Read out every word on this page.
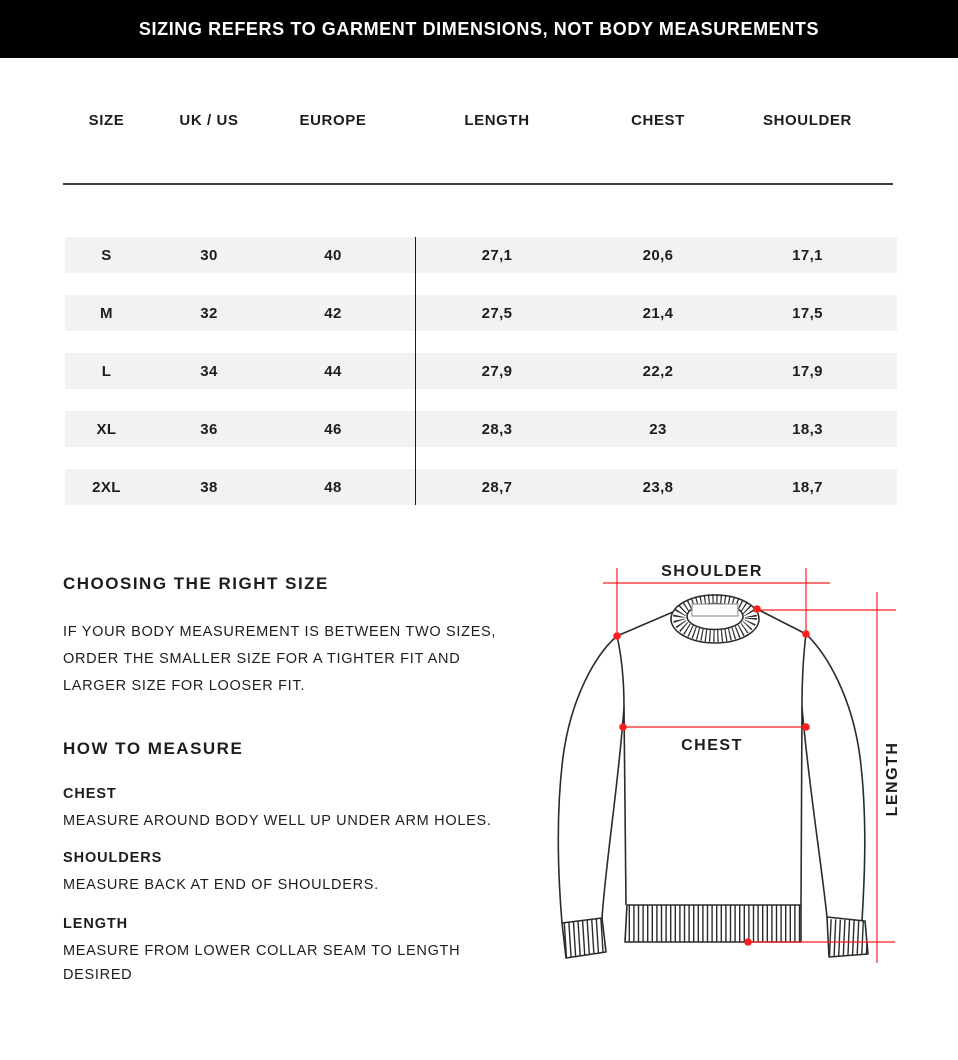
SIZING REFERS TO GARMENT DIMENSIONS, NOT BODY MEASUREMENTS
SIZE	UK / US	EUROPE	LENGTH	CHEST	SHOULDER
S	30	40	27,1	20,6	17,1
M	32	42	27,5	21,4	17,5
L	34	44	27,9	22,2	17,9
XL	36	46	28,3	23	18,3
2XL	38	48	28,7	23,8	18,7
CHOOSING THE RIGHT SIZE
IF YOUR BODY MEASUREMENT IS BETWEEN TWO SIZES,
ORDER THE SMALLER SIZE FOR A TIGHTER FIT AND
LARGER SIZE FOR LOOSER FIT.
HOW TO MEASURE
CHEST
MEASURE AROUND BODY WELL UP UNDER ARM HOLES.
SHOULDERS
MEASURE BACK AT END OF SHOULDERS.
LENGTH
MEASURE FROM LOWER COLLAR SEAM TO LENGTH
DESIRED
SHOULDER
CHEST	LENGTH
